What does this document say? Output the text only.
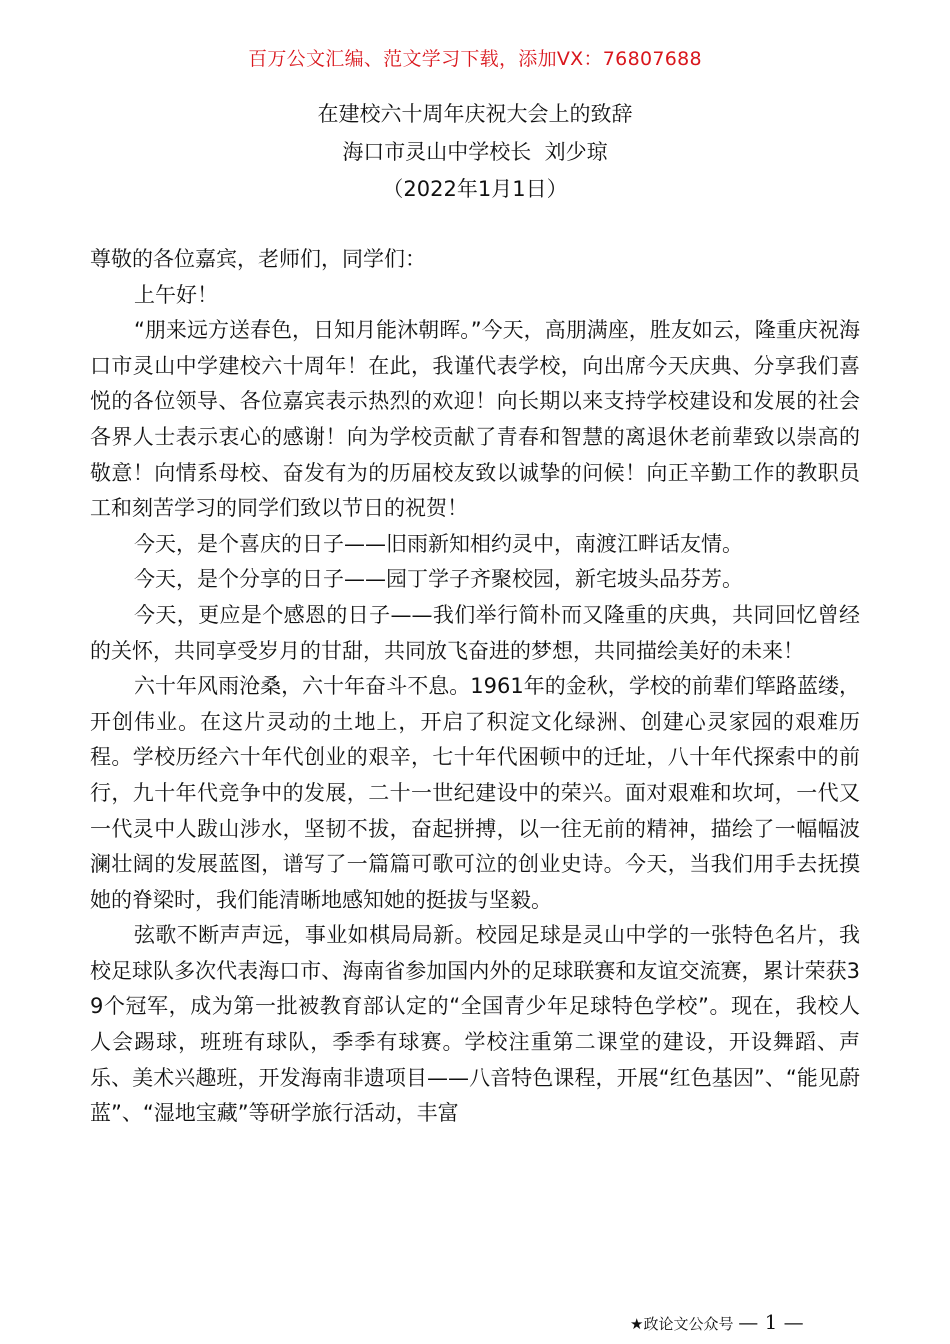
百万公文汇编、范文学习下载，添加VX：76807688
在建校六十周年庆祝大会上的致辞
海口市灵山中学校长  刘少琼
（2022年1月1日）

尊敬的各位嘉宾，老师们，同学们：

上午好！

“朋来远方送春色，日知月能沐朝晖。”今天，高朋满座，胜友如云，隆重庆祝海口市灵山中学建校六十周年！在此，我谨代表学校，向出席今天庆典、分享我们喜悦的各位领导、各位嘉宾表示热烈的欢迎！向长期以来支持学校建设和发展的社会各界人士表示衷心的感谢！向为学校贡献了青春和智慧的离退休老前辈致以崇高的敬意！向情系母校、奋发有为的历届校友致以诚挚的问候！向正辛勤工作的教职员工和刻苦学习的同学们致以节日的祝贺！

今天，是个喜庆的日子——旧雨新知相约灵中，南渡江畔话友情。

今天，是个分享的日子——园丁学子齐聚校园，新宅坡头品芬芳。

今天，更应是个感恩的日子——我们举行简朴而又隆重的庆典，共同回忆曾经的关怀，共同享受岁月的甘甜，共同放飞奋进的梦想，共同描绘美好的未来！

六十年风雨沧桑，六十年奋斗不息。1961年的金秋，学校的前辈们筚路蓝缕，开创伟业。在这片灵动的土地上，开启了积淀文化绿洲、创建心灵家园的艰难历程。学校历经六十年代创业的艰辛，七十年代困顿中的迁址，八十年代探索中的前行，九十年代竞争中的发展，二十一世纪建设中的荣兴。面对艰难和坎坷，一代又一代灵中人跋山涉水，坚韧不拔，奋起拼搏，以一往无前的精神，描绘了一幅幅波澜壮阔的发展蓝图，谱写了一篇篇可歌可泣的创业史诗。今天，当我们用手去抚摸她的脊梁时，我们能清晰地感知她的挺拔与坚毅。

弦歌不断声声远，事业如棋局局新。校园足球是灵山中学的一张特色名片，我校足球队多次代表海口市、海南省参加国内外的足球联赛和友谊交流赛，累计荣获39个冠军，成为第一批被教育部认定的“全国青少年足球特色学校”。现在，我校人人会踢球，班班有球队，季季有球赛。学校注重第二课堂的建设，开设舞蹈、声乐、美术兴趣班，开发海南非遗项目——八音特色课程，开展“红色基因”、“能见蔚蓝”、“湿地宝藏”等研学旅行活动，丰富

★政论文公众号 — 1 —
